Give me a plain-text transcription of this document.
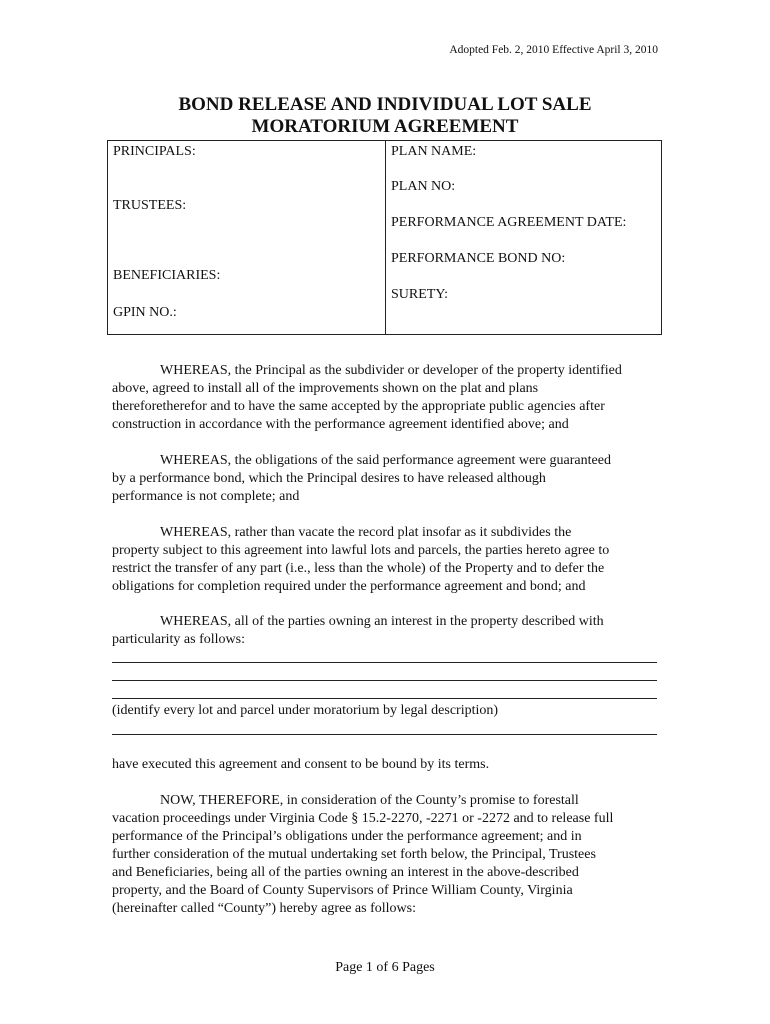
Adopted Feb. 2, 2010 Effective April 3, 2010
BOND RELEASE AND INDIVIDUAL LOT SALE
MORATORIUM AGREEMENT
PRINCIPALS:
TRUSTEES:
BENEFICIARIES:
GPIN NO.:
PLAN NAME:
PLAN NO:
PERFORMANCE AGREEMENT DATE:
PERFORMANCE BOND NO:
SURETY:
WHEREAS, the Principal as the subdivider or developer of the property identified
above, agreed to install all of the improvements shown on the plat and plans
thereforetherefor and to have the same accepted by the appropriate public agencies after
construction in accordance with the performance agreement identified above; and
WHEREAS, the obligations of the said performance agreement were guaranteed
by a performance bond, which the Principal desires to have released although
performance is not complete; and
WHEREAS, rather than vacate the record plat insofar as it subdivides the
property subject to this agreement into lawful lots and parcels, the parties hereto agree to
restrict the transfer of any part (i.e., less than the whole) of the Property and to defer the
obligations for completion required under the performance agreement and bond; and
WHEREAS, all of the parties owning an interest in the property described with
particularity as follows:
(identify every lot and parcel under moratorium by legal description)
have executed this agreement and consent to be bound by its terms.
NOW, THEREFORE, in consideration of the County’s promise to forestall
vacation proceedings under Virginia Code § 15.2-2270, -2271 or -2272 and to release full
performance of the Principal’s obligations under the performance agreement; and in
further consideration of the mutual undertaking set forth below, the Principal, Trustees
and Beneficiaries, being all of the parties owning an interest in the above-described
property, and the Board of County Supervisors of Prince William County, Virginia
(hereinafter called “County”) hereby agree as follows:
Page 1 of 6 Pages
